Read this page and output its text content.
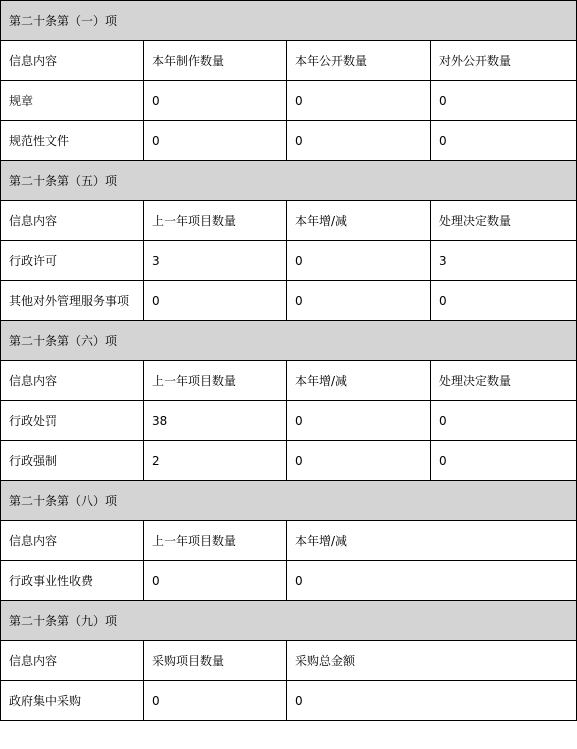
第二十条第（一）项			
信息内容	本年制作数量	本年公开数量	对外公开数量
规章	0	0	0
规范性文件	0	0	0
第二十条第（五）项			
信息内容	上一年项目数量	本年增/减	处理决定数量
行政许可	3	0	3
其他对外管理服务事项	0	0	0
第二十条第（六）项			
信息内容	上一年项目数量	本年增/减	处理决定数量
行政处罚	38	0	0
行政强制	2	0	0
第二十条第（八）项			
信息内容	上一年项目数量	本年增/减	
行政事业性收费	0	0	
第二十条第（九）项			
信息内容	采购项目数量	采购总金额	
政府集中采购	0	0	
